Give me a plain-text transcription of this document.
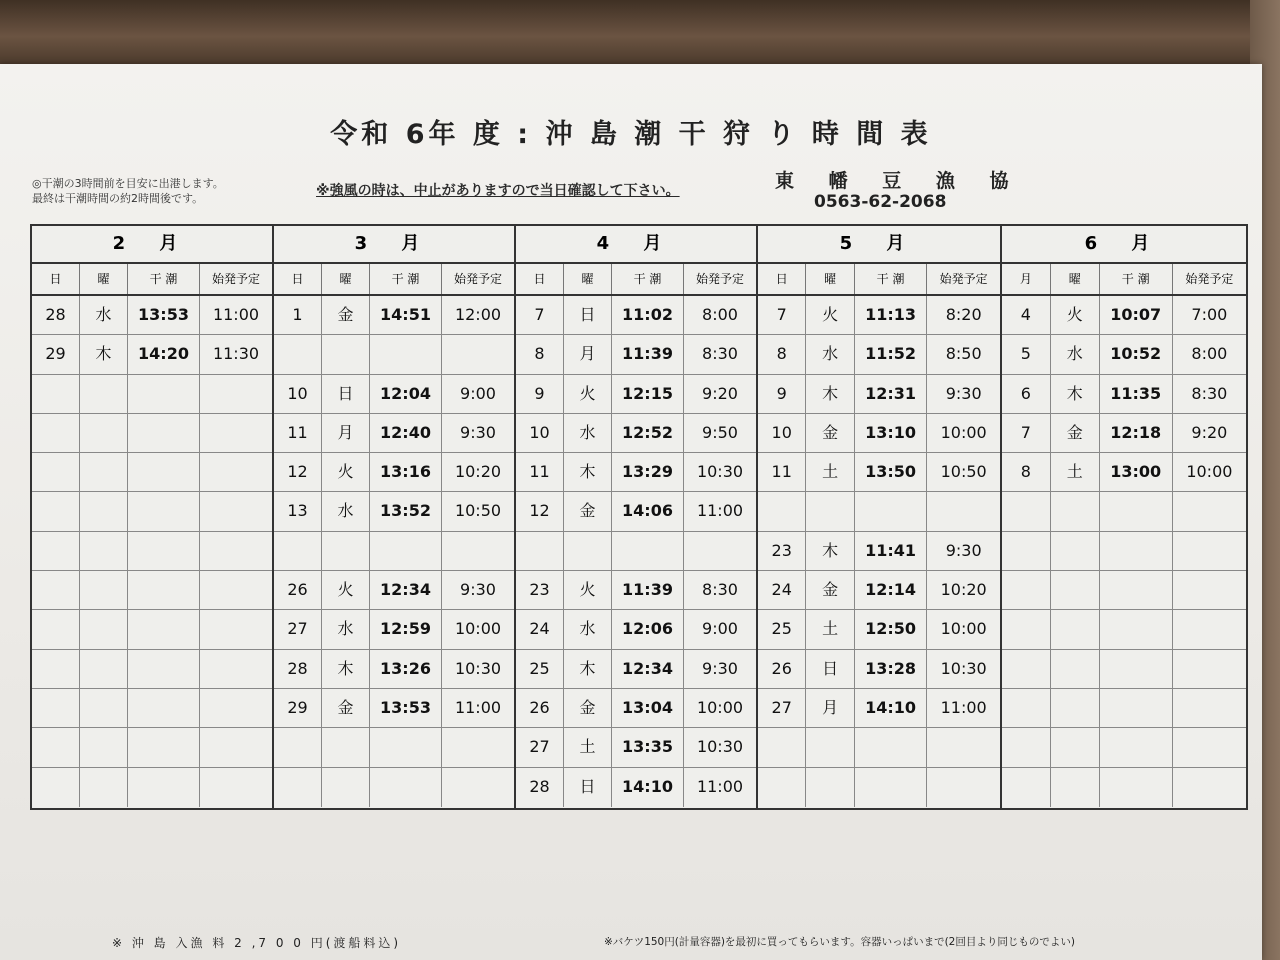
令和 6年 度 : 沖 島 潮 干 狩 り 時 間 表
◎干潮の3時間前を目安に出港します。
最終は干潮時間の約2時間後です。	※強風の時は、中止がありますので当日確認して下さい。	東 幡 豆 漁 協
0563-62-2068
2 月
日	曜	干 潮	始発予定
28	水	13:53	11:00
29	木	14:20	11:30
3 月
日	曜	干 潮	始発予定
1	金	14:51	12:00
10	日	12:04	9:00
11	月	12:40	9:30
12	火	13:16	10:20
13	水	13:52	10:50
26	火	12:34	9:30
27	水	12:59	10:00
28	木	13:26	10:30
29	金	13:53	11:00
4 月
日	曜	干 潮	始発予定
7	日	11:02	8:00
8	月	11:39	8:30
9	火	12:15	9:20
10	水	12:52	9:50
11	木	13:29	10:30
12	金	14:06	11:00
23	火	11:39	8:30
24	水	12:06	9:00
25	木	12:34	9:30
26	金	13:04	10:00
27	土	13:35	10:30
28	日	14:10	11:00
5 月
日	曜	干 潮	始発予定
7	火	11:13	8:20
8	水	11:52	8:50
9	木	12:31	9:30
10	金	13:10	10:00
11	土	13:50	10:50
23	木	11:41	9:30
24	金	12:14	10:20
25	土	12:50	10:00
26	日	13:28	10:30
27	月	14:10	11:00
6 月
月	曜	干 潮	始発予定
4	火	10:07	7:00
5	水	10:52	8:00
6	木	11:35	8:30
7	金	12:18	9:20
8	土	13:00	10:00
※ 沖 島 入漁 料 2 ,7 0 0 円(渡船料込)	※バケツ150円(計量容器)を最初に買ってもらいます。容器いっぱいまで(2回目より同じものでよい)
